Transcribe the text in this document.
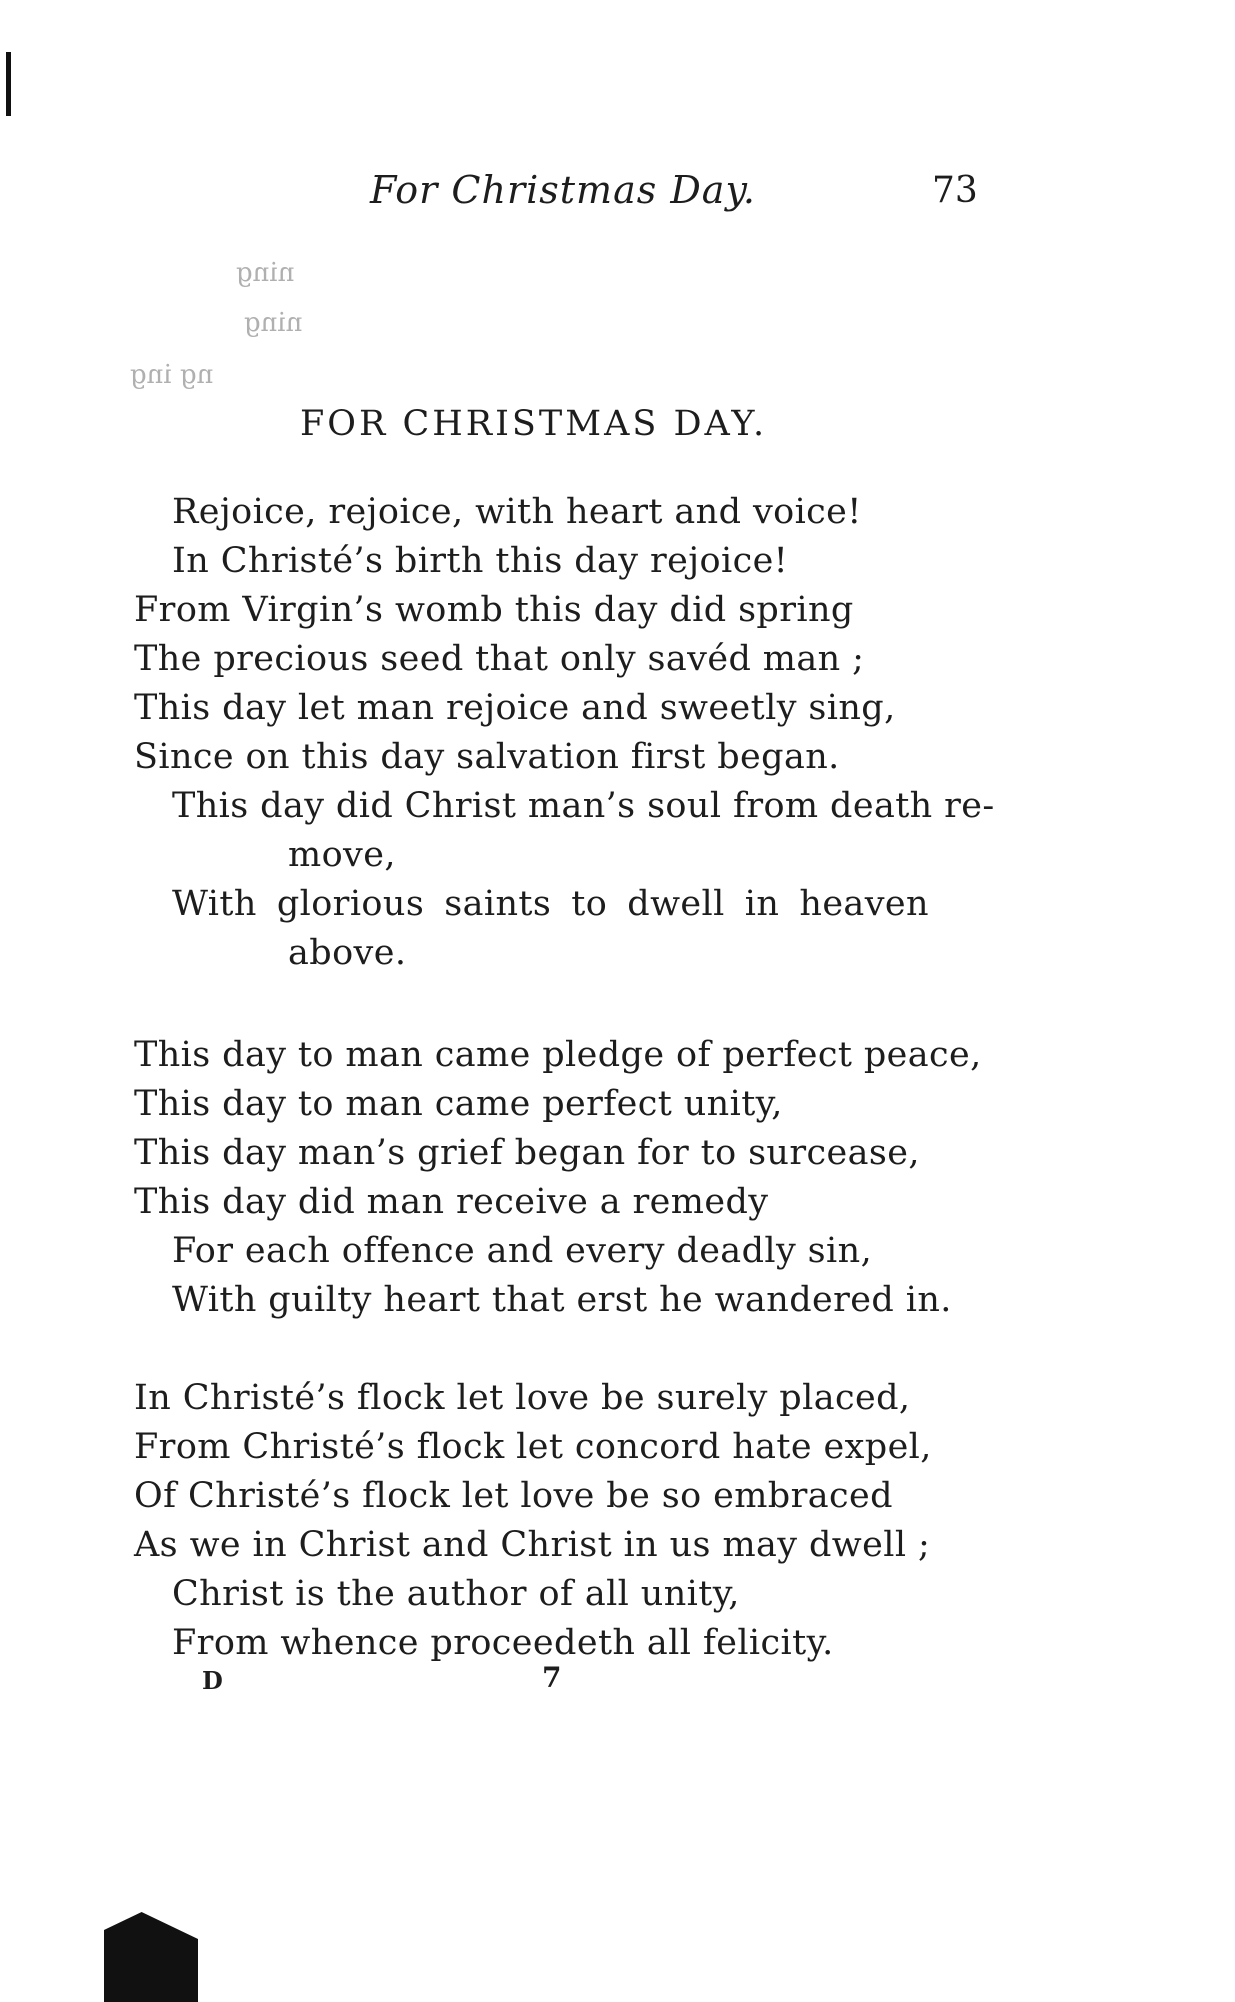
ning
ning
ng ing
For Christmas Day.	73
FOR CHRISTMAS DAY.
Rejoice, rejoice, with heart and voice!
In Christé’s birth this day rejoice!
From Virgin’s womb this day did spring
The precious seed that only savéd man ;
This day let man rejoice and sweetly sing,
Since on this day salvation first began.
This day did Christ man’s soul from death re-
move,
With glorious saints to dwell in heaven
above.
This day to man came pledge of perfect peace,
This day to man came perfect unity,
This day man’s grief began for to surcease,
This day did man receive a remedy
For each offence and every deadly sin,
With guilty heart that erst he wandered in.
In Christé’s flock let love be surely placed,
From Christé’s flock let concord hate expel,
Of Christé’s flock let love be so embraced
As we in Christ and Christ in us may dwell ;
Christ is the author of all unity,
From whence proceedeth all felicity.
D	7
